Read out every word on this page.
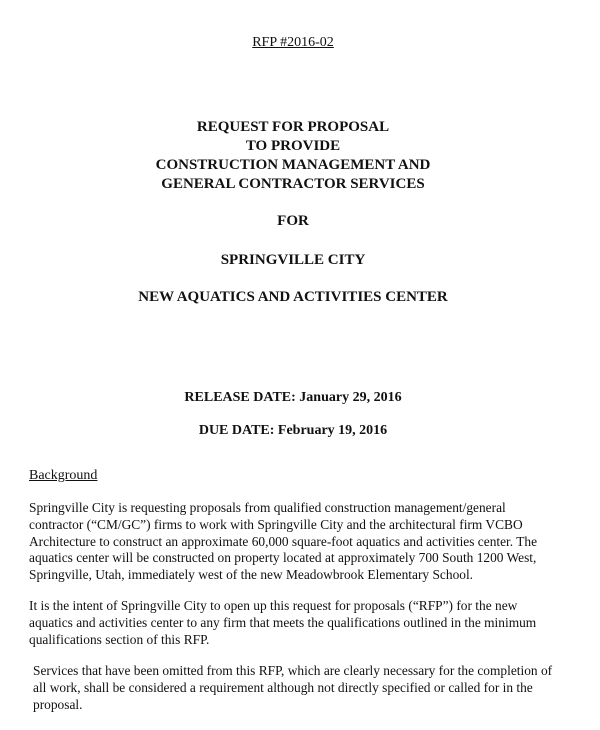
RFP #2016-02
REQUEST FOR PROPOSAL
TO PROVIDE
CONSTRUCTION MANAGEMENT AND
GENERAL CONTRACTOR SERVICES
FOR
SPRINGVILLE CITY
NEW AQUATICS AND ACTIVITIES CENTER
RELEASE DATE: January 29, 2016
DUE DATE: February 19, 2016
Background
Springville City is requesting proposals from qualified construction management/general
contractor (“CM/GC”) firms to work with Springville City and the architectural firm VCBO
Architecture to construct an approximate 60,000 square-foot aquatics and activities center. The
aquatics center will be constructed on property located at approximately 700 South 1200 West,
Springville, Utah, immediately west of the new Meadowbrook Elementary School.
It is the intent of Springville City to open up this request for proposals (“RFP”) for the new
aquatics and activities center to any firm that meets the qualifications outlined in the minimum
qualifications section of this RFP.
Services that have been omitted from this RFP, which are clearly necessary for the completion of
all work, shall be considered a requirement although not directly specified or called for in the
proposal.
